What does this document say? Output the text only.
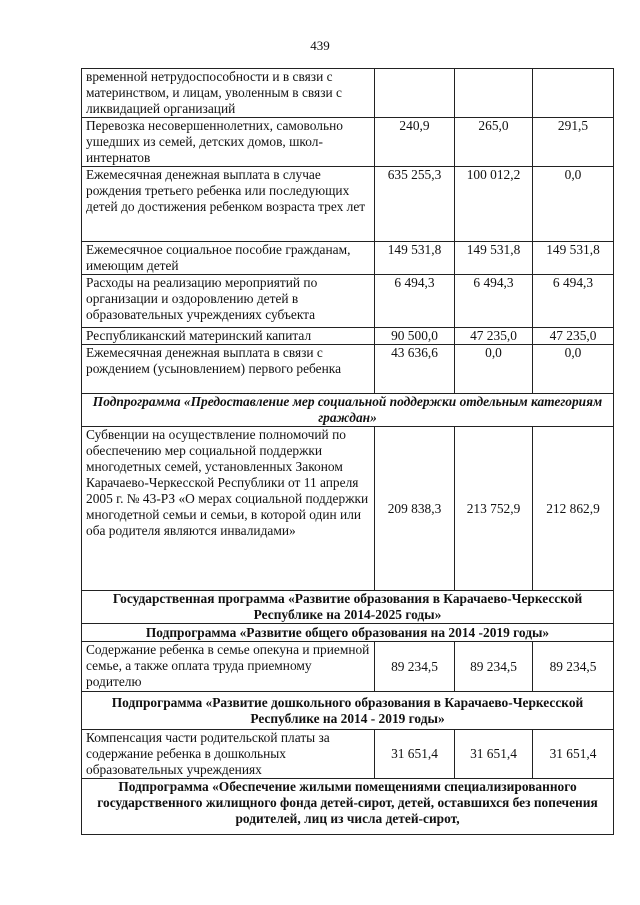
439
временной нетрудоспособности и в связи с материнством, и лицам, уволенным в связи с ликвидацией организаций			
Перевозка несовершеннолетних, самовольно ушедших из семей, детских домов, школ-интернатов	240,9	265,0	291,5
Ежемесячная денежная выплата в случае рождения третьего ребенка или последующих детей до достижения ребенком возраста трех лет	635 255,3	100 012,2	0,0
Ежемесячное социальное пособие гражданам, имеющим детей	149 531,8	149 531,8	149 531,8
Расходы на реализацию мероприятий по организации и оздоровлению детей в образовательных учреждениях субъекта	6 494,3	6 494,3	6 494,3
Республиканский материнский капитал	90 500,0	47 235,0	47 235,0
Ежемесячная денежная выплата в связи с рождением (усыновлением) первого ребенка	43 636,6	0,0	0,0
Подпрограмма «Предоставление мер социальной поддержки отдельным категориям граждан»			
Субвенции на осуществление полномочий по обеспечению мер социальной поддержки многодетных семей, установленных Законом Карачаево-Черкесской Республики от 11 апреля 2005 г. № 43-РЗ «О мерах социальной поддержки многодетной семьи и семьи, в которой один или оба родителя являются инвалидами»	209 838,3	213 752,9	212 862,9
Государственная программа «Развитие образования в Карачаево-Черкесской Республике на 2014-2025 годы»			
Подпрограмма «Развитие общего образования на 2014 -2019 годы»			
Содержание ребенка в семье опекуна и приемной семье, а также оплата труда приемному родителю	89 234,5	89 234,5	89 234,5
Подпрограмма «Развитие дошкольного образования в Карачаево-Черкесской Республике на 2014 - 2019 годы»			
Компенсация части родительской платы за содержание ребенка в дошкольных образовательных учреждениях	31 651,4	31 651,4	31 651,4
Подпрограмма «Обеспечение жилыми помещениями специализированного государственного жилищного фонда детей-сирот, детей, оставшихся без попечения родителей, лиц из числа детей-сирот,			
